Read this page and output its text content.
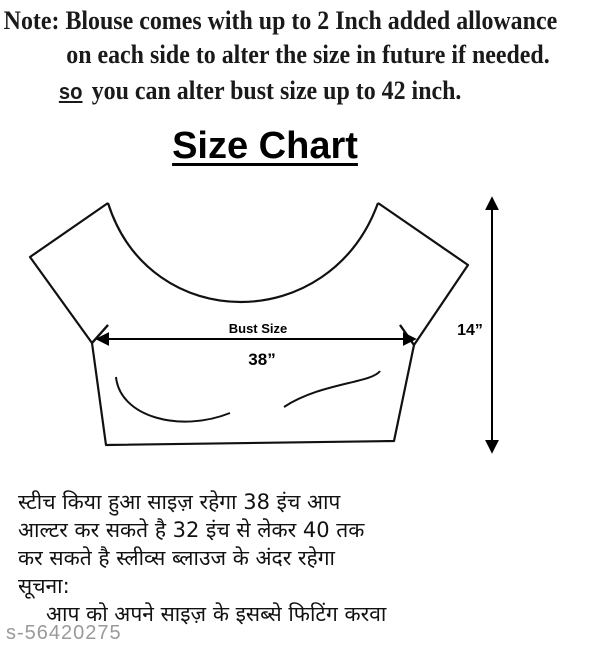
Note: Blouse comes with up to 2 Inch added allowance
on each side to alter the size in future if needed.
so you can alter bust size up to 42 inch.
Size Chart
Bust Size
38”
14”
स्टीच किया हुआ साइज़ रहेगा 38 इंच आप
आल्टर कर सकते है 32 इंच से लेकर 40 तक
कर सकते है स्लीव्स ब्लाउज के अंदर रहेगा
सूचना:
आप को अपने साइज़ के इसब्से फिटिंग करवा
s-56420275
